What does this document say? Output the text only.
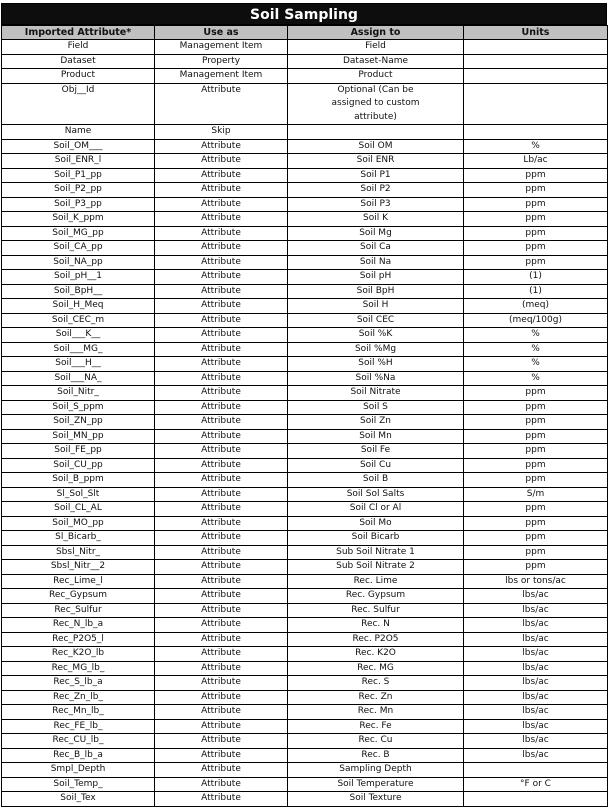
Soil Sampling
Imported Attribute*	Use as	Assign to	Units
Field	Management Item	Field	
Dataset	Property	Dataset-Name	
Product	Management Item	Product	
Obj__Id	Attribute	Optional (Can be assigned to custom attribute)	
Name	Skip		
Soil_OM___	Attribute	Soil OM	%
Soil_ENR_l	Attribute	Soil ENR	Lb/ac
Soil_P1_pp	Attribute	Soil P1	ppm
Soil_P2_pp	Attribute	Soil P2	ppm
Soil_P3_pp	Attribute	Soil P3	ppm
Soil_K_ppm	Attribute	Soil K	ppm
Soil_MG_pp	Attribute	Soil Mg	ppm
Soil_CA_pp	Attribute	Soil Ca	ppm
Soil_NA_pp	Attribute	Soil Na	ppm
Soil_pH__1	Attribute	Soil pH	(1)
Soil_BpH__	Attribute	Soil BpH	(1)
Soil_H_Meq	Attribute	Soil H	(meq)
Soil_CEC_m	Attribute	Soil CEC	(meq/100g)
Soil___K__	Attribute	Soil %K	%
Soil___MG_	Attribute	Soil %Mg	%
Soil___H__	Attribute	Soil %H	%
Soil___NA_	Attribute	Soil %Na	%
Soil_Nitr_	Attribute	Soil Nitrate	ppm
Soil_S_ppm	Attribute	Soil S	ppm
Soil_ZN_pp	Attribute	Soil Zn	ppm
Soil_MN_pp	Attribute	Soil Mn	ppm
Soil_FE_pp	Attribute	Soil Fe	ppm
Soil_CU_pp	Attribute	Soil Cu	ppm
Soil_B_ppm	Attribute	Soil B	ppm
Sl_Sol_Slt	Attribute	Soil Sol Salts	S/m
Soil_CL_AL	Attribute	Soil Cl or Al	ppm
Soil_MO_pp	Attribute	Soil Mo	ppm
Sl_Bicarb_	Attribute	Soil Bicarb	ppm
Sbsl_Nitr_	Attribute	Sub Soil Nitrate 1	ppm
Sbsl_Nitr__2	Attribute	Sub Soil Nitrate 2	ppm
Rec_Lime_l	Attribute	Rec. Lime	lbs or tons/ac
Rec_Gypsum	Attribute	Rec. Gypsum	lbs/ac
Rec_Sulfur	Attribute	Rec. Sulfur	lbs/ac
Rec_N_lb_a	Attribute	Rec. N	lbs/ac
Rec_P2O5_l	Attribute	Rec. P2O5	lbs/ac
Rec_K2O_lb	Attribute	Rec. K2O	lbs/ac
Rec_MG_lb_	Attribute	Rec. MG	lbs/ac
Rec_S_lb_a	Attribute	Rec. S	lbs/ac
Rec_Zn_lb_	Attribute	Rec. Zn	lbs/ac
Rec_Mn_lb_	Attribute	Rec. Mn	lbs/ac
Rec_FE_lb_	Attribute	Rec. Fe	lbs/ac
Rec_CU_lb_	Attribute	Rec. Cu	lbs/ac
Rec_B_lb_a	Attribute	Rec. B	lbs/ac
Smpl_Depth	Attribute	Sampling Depth	
Soil_Temp_	Attribute	Soil Temperature	°F or C
Soil_Tex	Attribute	Soil Texture	
